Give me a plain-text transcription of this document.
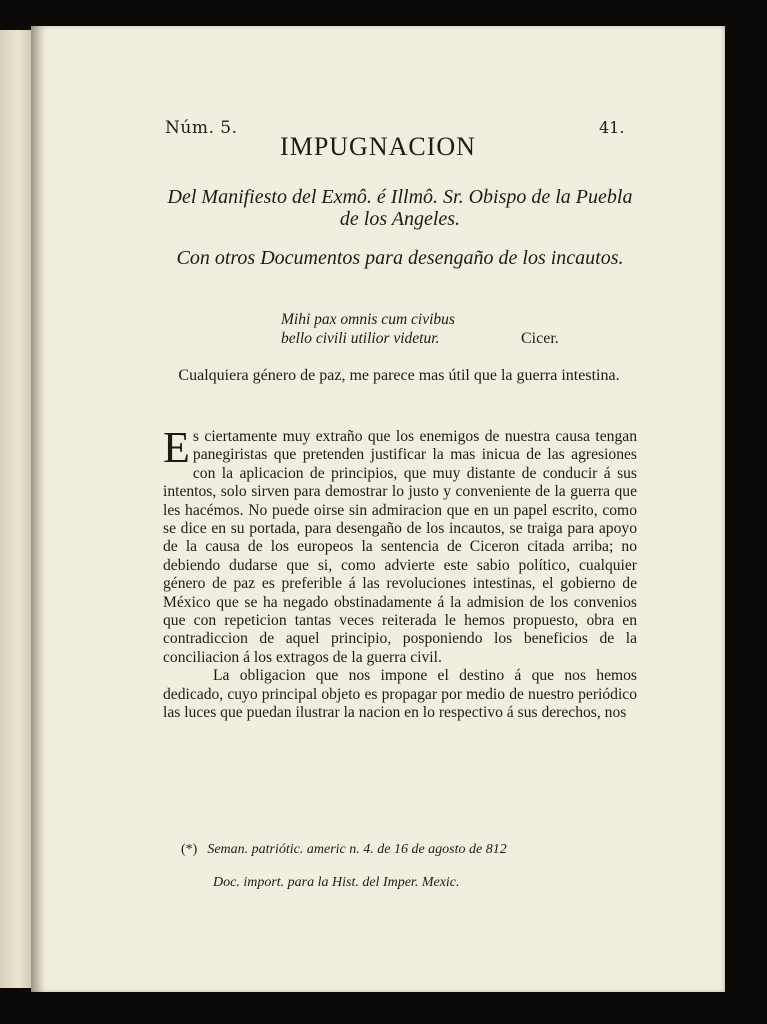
Núm. 5.	41.
IMPUGNACION
Del Manifiesto del Exmô. é Illmô. Sr. Obispo de la Puebla de los Angeles.
Con otros Documentos para desengaño de los incautos.
Mihi pax omnis cum civibus
bello civili utilior videtur.	Cicer.
Cualquiera género de paz, me parece mas útil que la guerra intestina.

Es ciertamente muy extraño que los enemigos de nuestra causa tengan panegiristas que pretenden justificar la mas inicua de las agresiones con la aplicacion de principios, que muy distante de conducir á sus intentos, solo sirven para demostrar lo justo y conveniente de la guerra que les hacémos. No puede oirse sin admiracion que en un papel escrito, como se dice en su portada, para desengaño de los incautos, se traiga para apoyo de la causa de los europeos la sentencia de Ciceron citada arriba; no debiendo dudarse que si, como advierte este sabio político, cualquier género de paz es preferible á las revoluciones intestinas, el gobierno de México que se ha negado obstinadamente á la admision de los convenios que con repeticion tantas veces reiterada le hemos propuesto, obra en contradiccion de aquel principio, posponiendo los beneficios de la conciliacion á los extragos de la guerra civil.

La obligacion que nos impone el destino á que nos hemos dedicado, cuyo principal objeto es propagar por medio de nuestro periódico las luces que puedan ilustrar la nacion en lo respectivo á sus derechos, nos

(*) Seman. patriótic. americ n. 4. de 16 de agosto de 812
Doc. import. para la Hist. del Imper. Mexic.
